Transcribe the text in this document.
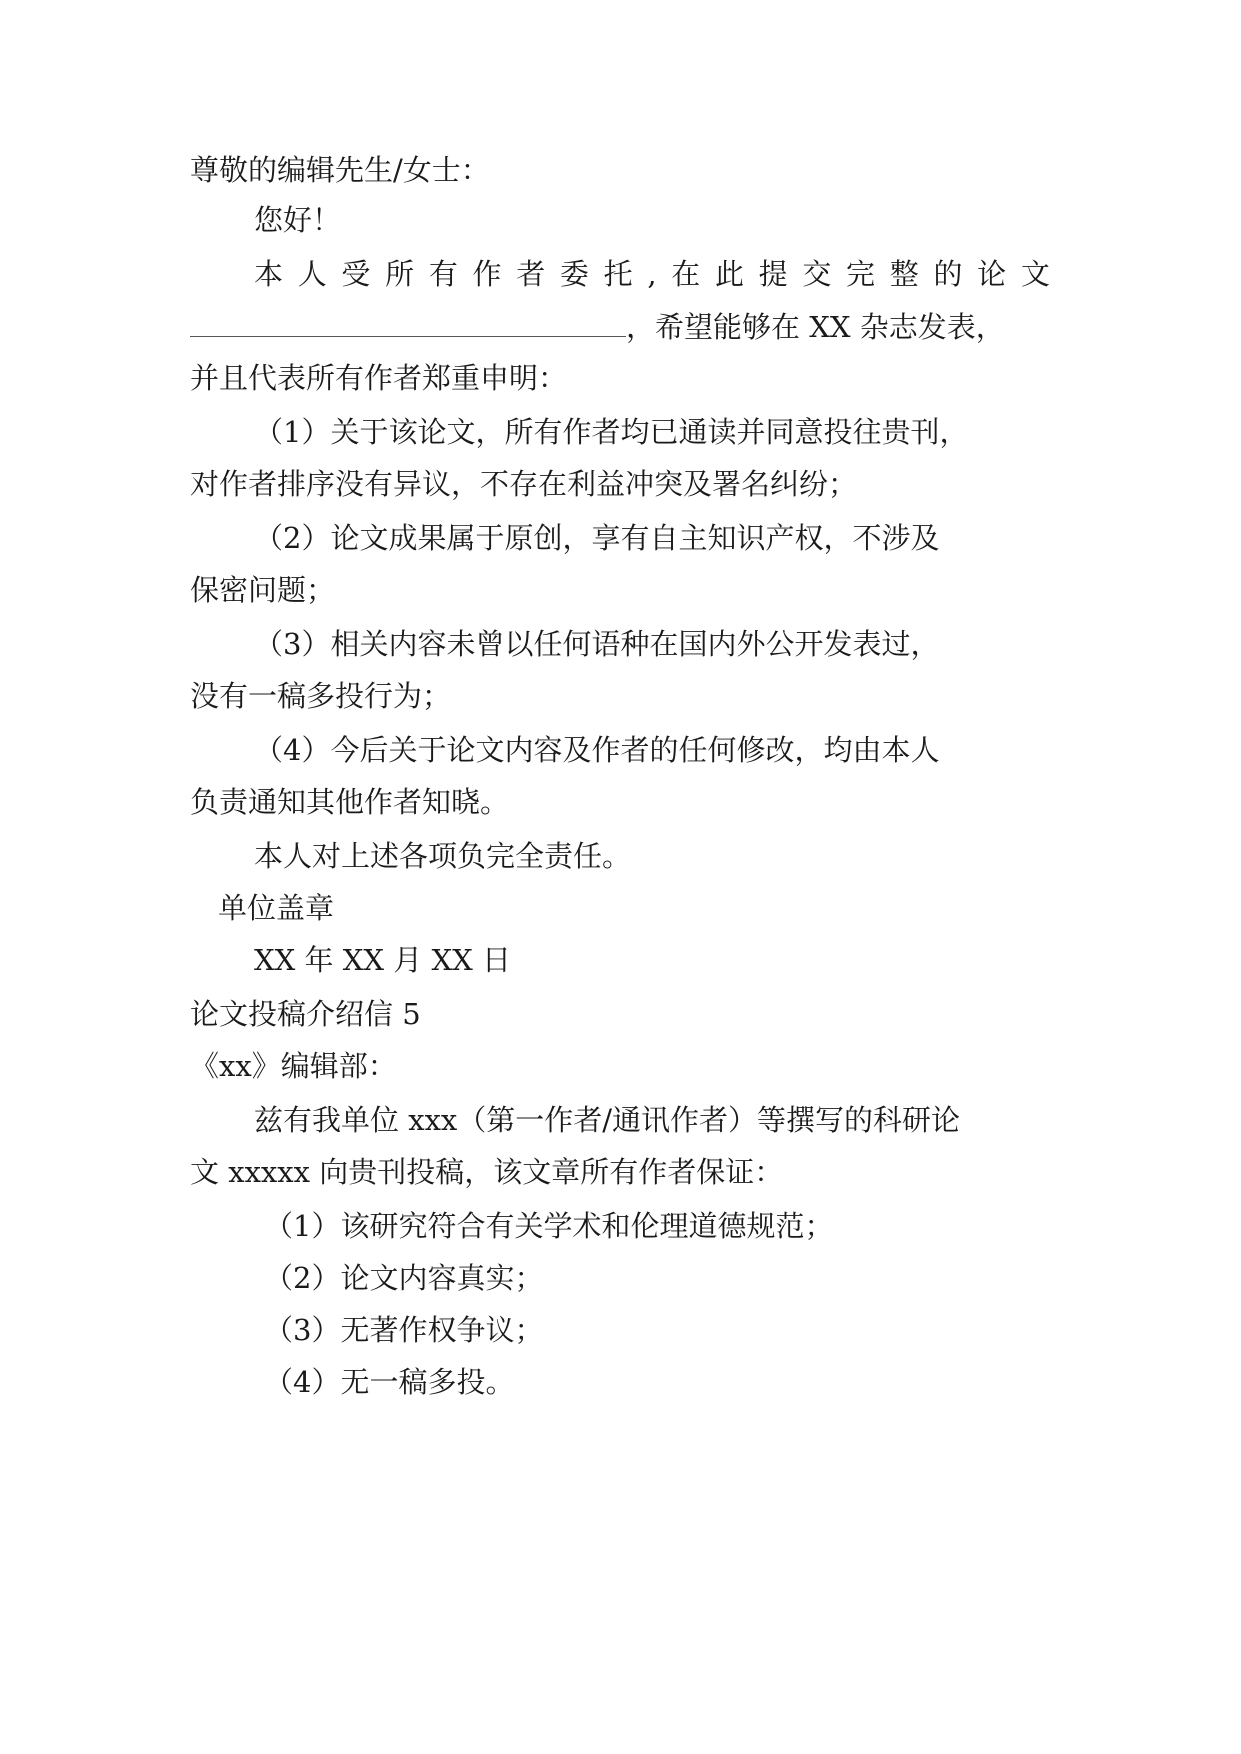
尊敬的编辑先生/女士：
您好！
本 人 受 所 有 作 者 委 托 , 在 此 提 交 完 整 的 论 文
，希望能够在 XX 杂志发表，
并且代表所有作者郑重申明：
（1）关于该论文，所有作者均已通读并同意投往贵刊，
对作者排序没有异议，不存在利益冲突及署名纠纷；
（2）论文成果属于原创，享有自主知识产权，不涉及
保密问题；
（3）相关内容未曾以任何语种在国内外公开发表过，
没有一稿多投行为；
（4）今后关于论文内容及作者的任何修改，均由本人
负责通知其他作者知晓。
本人对上述各项负完全责任。
单位盖章
XX 年 XX 月 XX 日
论文投稿介绍信 5
《xx》编辑部：
兹有我单位 xxx（第一作者/通讯作者）等撰写的科研论
文 xxxxx 向贵刊投稿，该文章所有作者保证：
（1）该研究符合有关学术和伦理道德规范；
（2）论文内容真实；
（3）无著作权争议；
（4）无一稿多投。
